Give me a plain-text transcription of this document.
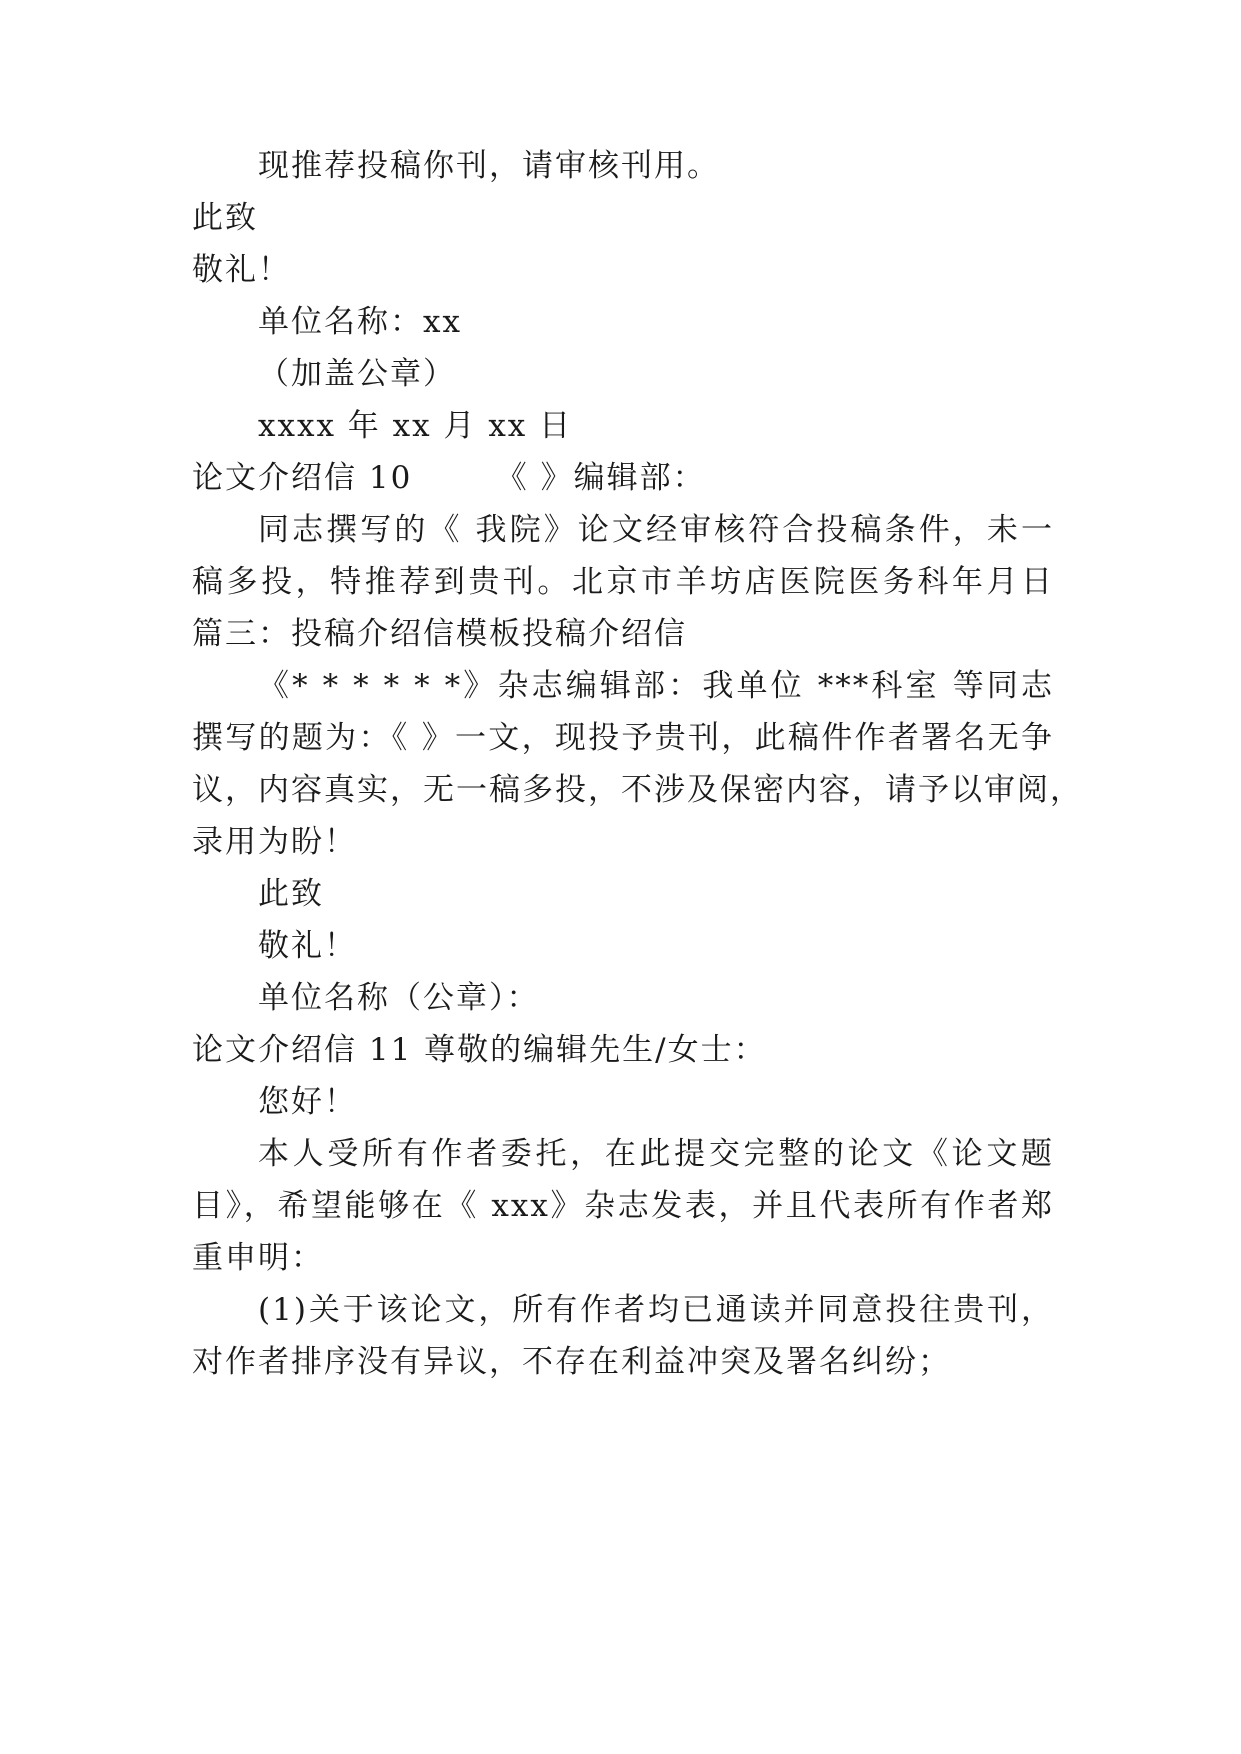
现推荐投稿你刊，请审核刊用。
此致
敬礼！
单位名称：xx
（加盖公章）
xxxx 年 xx 月 xx 日
论文介绍信 10　　　《 》编辑部：
同志撰写的《 我院》论文经审核符合投稿条件，未一
稿多投，特推荐到贵刊。北京市羊坊店医院医务科年月日
篇三：投稿介绍信模板投稿介绍信
《* * * * * *》杂志编辑部：我单位 ***科室 等同志
撰写的题为：《 》一文，现投予贵刊，此稿件作者署名无争
议，内容真实，无一稿多投，不涉及保密内容，请予以审阅，
录用为盼！
此致
敬礼！
单位名称（公章）：
论文介绍信 11 尊敬的编辑先生/女士：
您好！
本人受所有作者委托，在此提交完整的论文《论文题
目》，希望能够在《 xxx》杂志发表，并且代表所有作者郑
重申明：
(1)关于该论文，所有作者均已通读并同意投往贵刊，
对作者排序没有异议，不存在利益冲突及署名纠纷；
